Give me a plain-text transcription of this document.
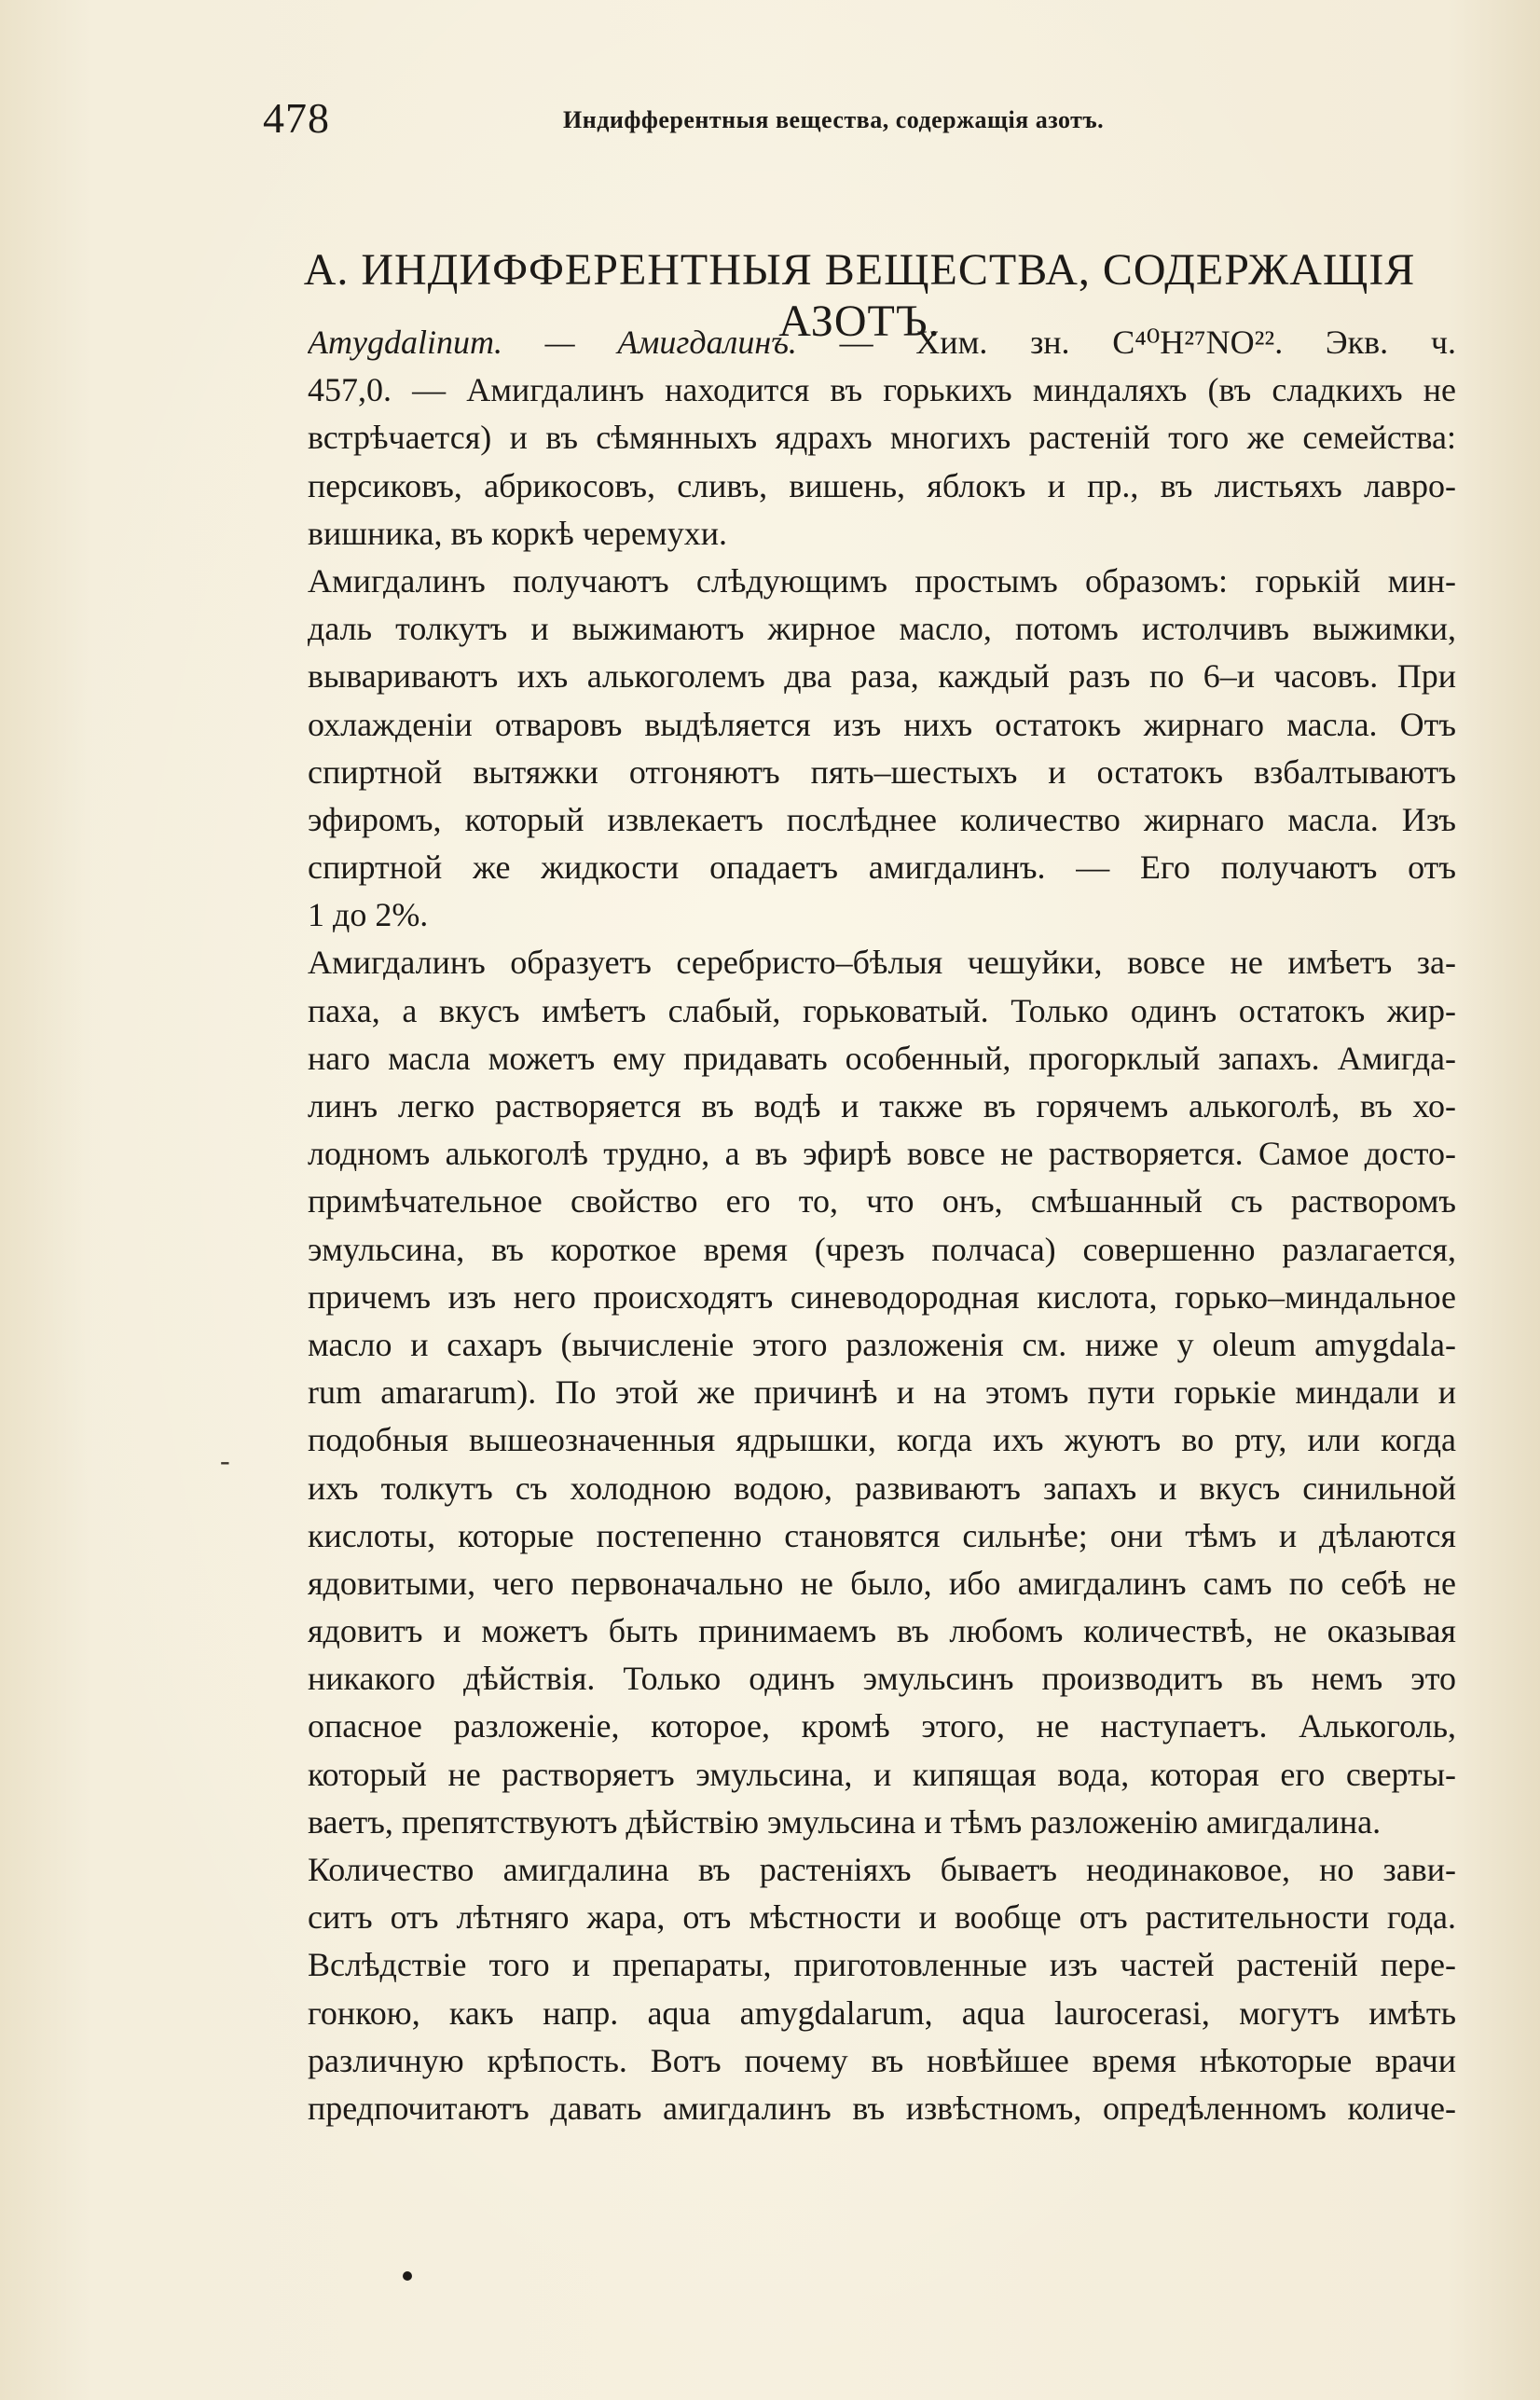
478	Индифферентныя вещества, содержащія азотъ.
A. ИНДИФФЕРЕНТНЫЯ ВЕЩЕСТВА, СОДЕРЖАЩІЯ АЗОТЪ.
-
Amygdalinum. — Амигдалинъ. — Хим. зн. C⁴⁰H²⁷NO²². Экв. ч.
457,0. — Амигдалинъ находится въ горькихъ миндаляхъ (въ сладкихъ не
встрѣчается) и въ сѣмянныхъ ядрахъ многихъ растеній того же семейства:
персиковъ, абрикосовъ, сливъ, вишень, яблокъ и пр., въ листьяхъ лавро-
вишника, въ коркѣ черемухи.
Амигдалинъ получаютъ слѣдующимъ простымъ образомъ: горькій мин-
даль толкутъ и выжимаютъ жирное масло, потомъ истолчивъ выжимки,
вывариваютъ ихъ алькоголемъ два раза, каждый разъ по 6–и часовъ. При
охлажденіи отваровъ выдѣляется изъ нихъ остатокъ жирнаго масла. Отъ
спиртной вытяжки отгоняютъ пять–шестыхъ и остатокъ взбалтываютъ
эфиромъ, который извлекаетъ послѣднее количество жирнаго масла. Изъ
спиртной же жидкости опадаетъ амигдалинъ. — Его получаютъ отъ
1 до 2%.
Амигдалинъ образуетъ серебристо–бѣлыя чешуйки, вовсе не имѣетъ за-
паха, а вкусъ имѣетъ слабый, горьковатый. Только одинъ остатокъ жир-
наго масла можетъ ему придавать особенный, прогорклый запахъ. Амигда-
линъ легко растворяется въ водѣ и также въ горячемъ алькоголѣ, въ хо-
лодномъ алькоголѣ трудно, а въ эфирѣ вовсе не растворяется. Самое досто-
примѣчательное свойство его то, что онъ, смѣшанный съ растворомъ
эмульсина, въ короткое время (чрезъ полчаса) совершенно разлагается,
причемъ изъ него происходятъ синеводородная кислота, горько–миндальное
масло и сахаръ (вычисленіе этого разложенія см. ниже у oleum amygdala-
rum amararum). По этой же причинѣ и на этомъ пути горькіе миндали и
подобныя вышеозначенныя ядрышки, когда ихъ жуютъ во рту, или когда
ихъ толкутъ съ холодною водою, развиваютъ запахъ и вкусъ синильной
кислоты, которые постепенно становятся сильнѣе; они тѣмъ и дѣлаются
ядовитыми, чего первоначально не было, ибо амигдалинъ самъ по себѣ не
ядовитъ и можетъ быть принимаемъ въ любомъ количествѣ, не оказывая
никакого дѣйствія. Только одинъ эмульсинъ производитъ въ немъ это
опасное разложеніе, которое, кромѣ этого, не наступаетъ. Алькоголь,
который не растворяетъ эмульсина, и кипящая вода, которая его сверты-
ваетъ, препятствуютъ дѣйствію эмульсина и тѣмъ разложенію амигдалина.
Количество амигдалина въ растеніяхъ бываетъ неодинаковое, но зави-
ситъ отъ лѣтняго жара, отъ мѣстности и вообще отъ растительности года.
Вслѣдствіе того и препараты, приготовленные изъ частей растеній пере-
гонкою, какъ напр. aqua amygdalarum, aqua laurocerasi, могутъ имѣть
различную крѣпость. Вотъ почему въ новѣйшее время нѣкоторые врачи
предпочитаютъ давать амигдалинъ въ извѣстномъ, опредѣленномъ количе-
